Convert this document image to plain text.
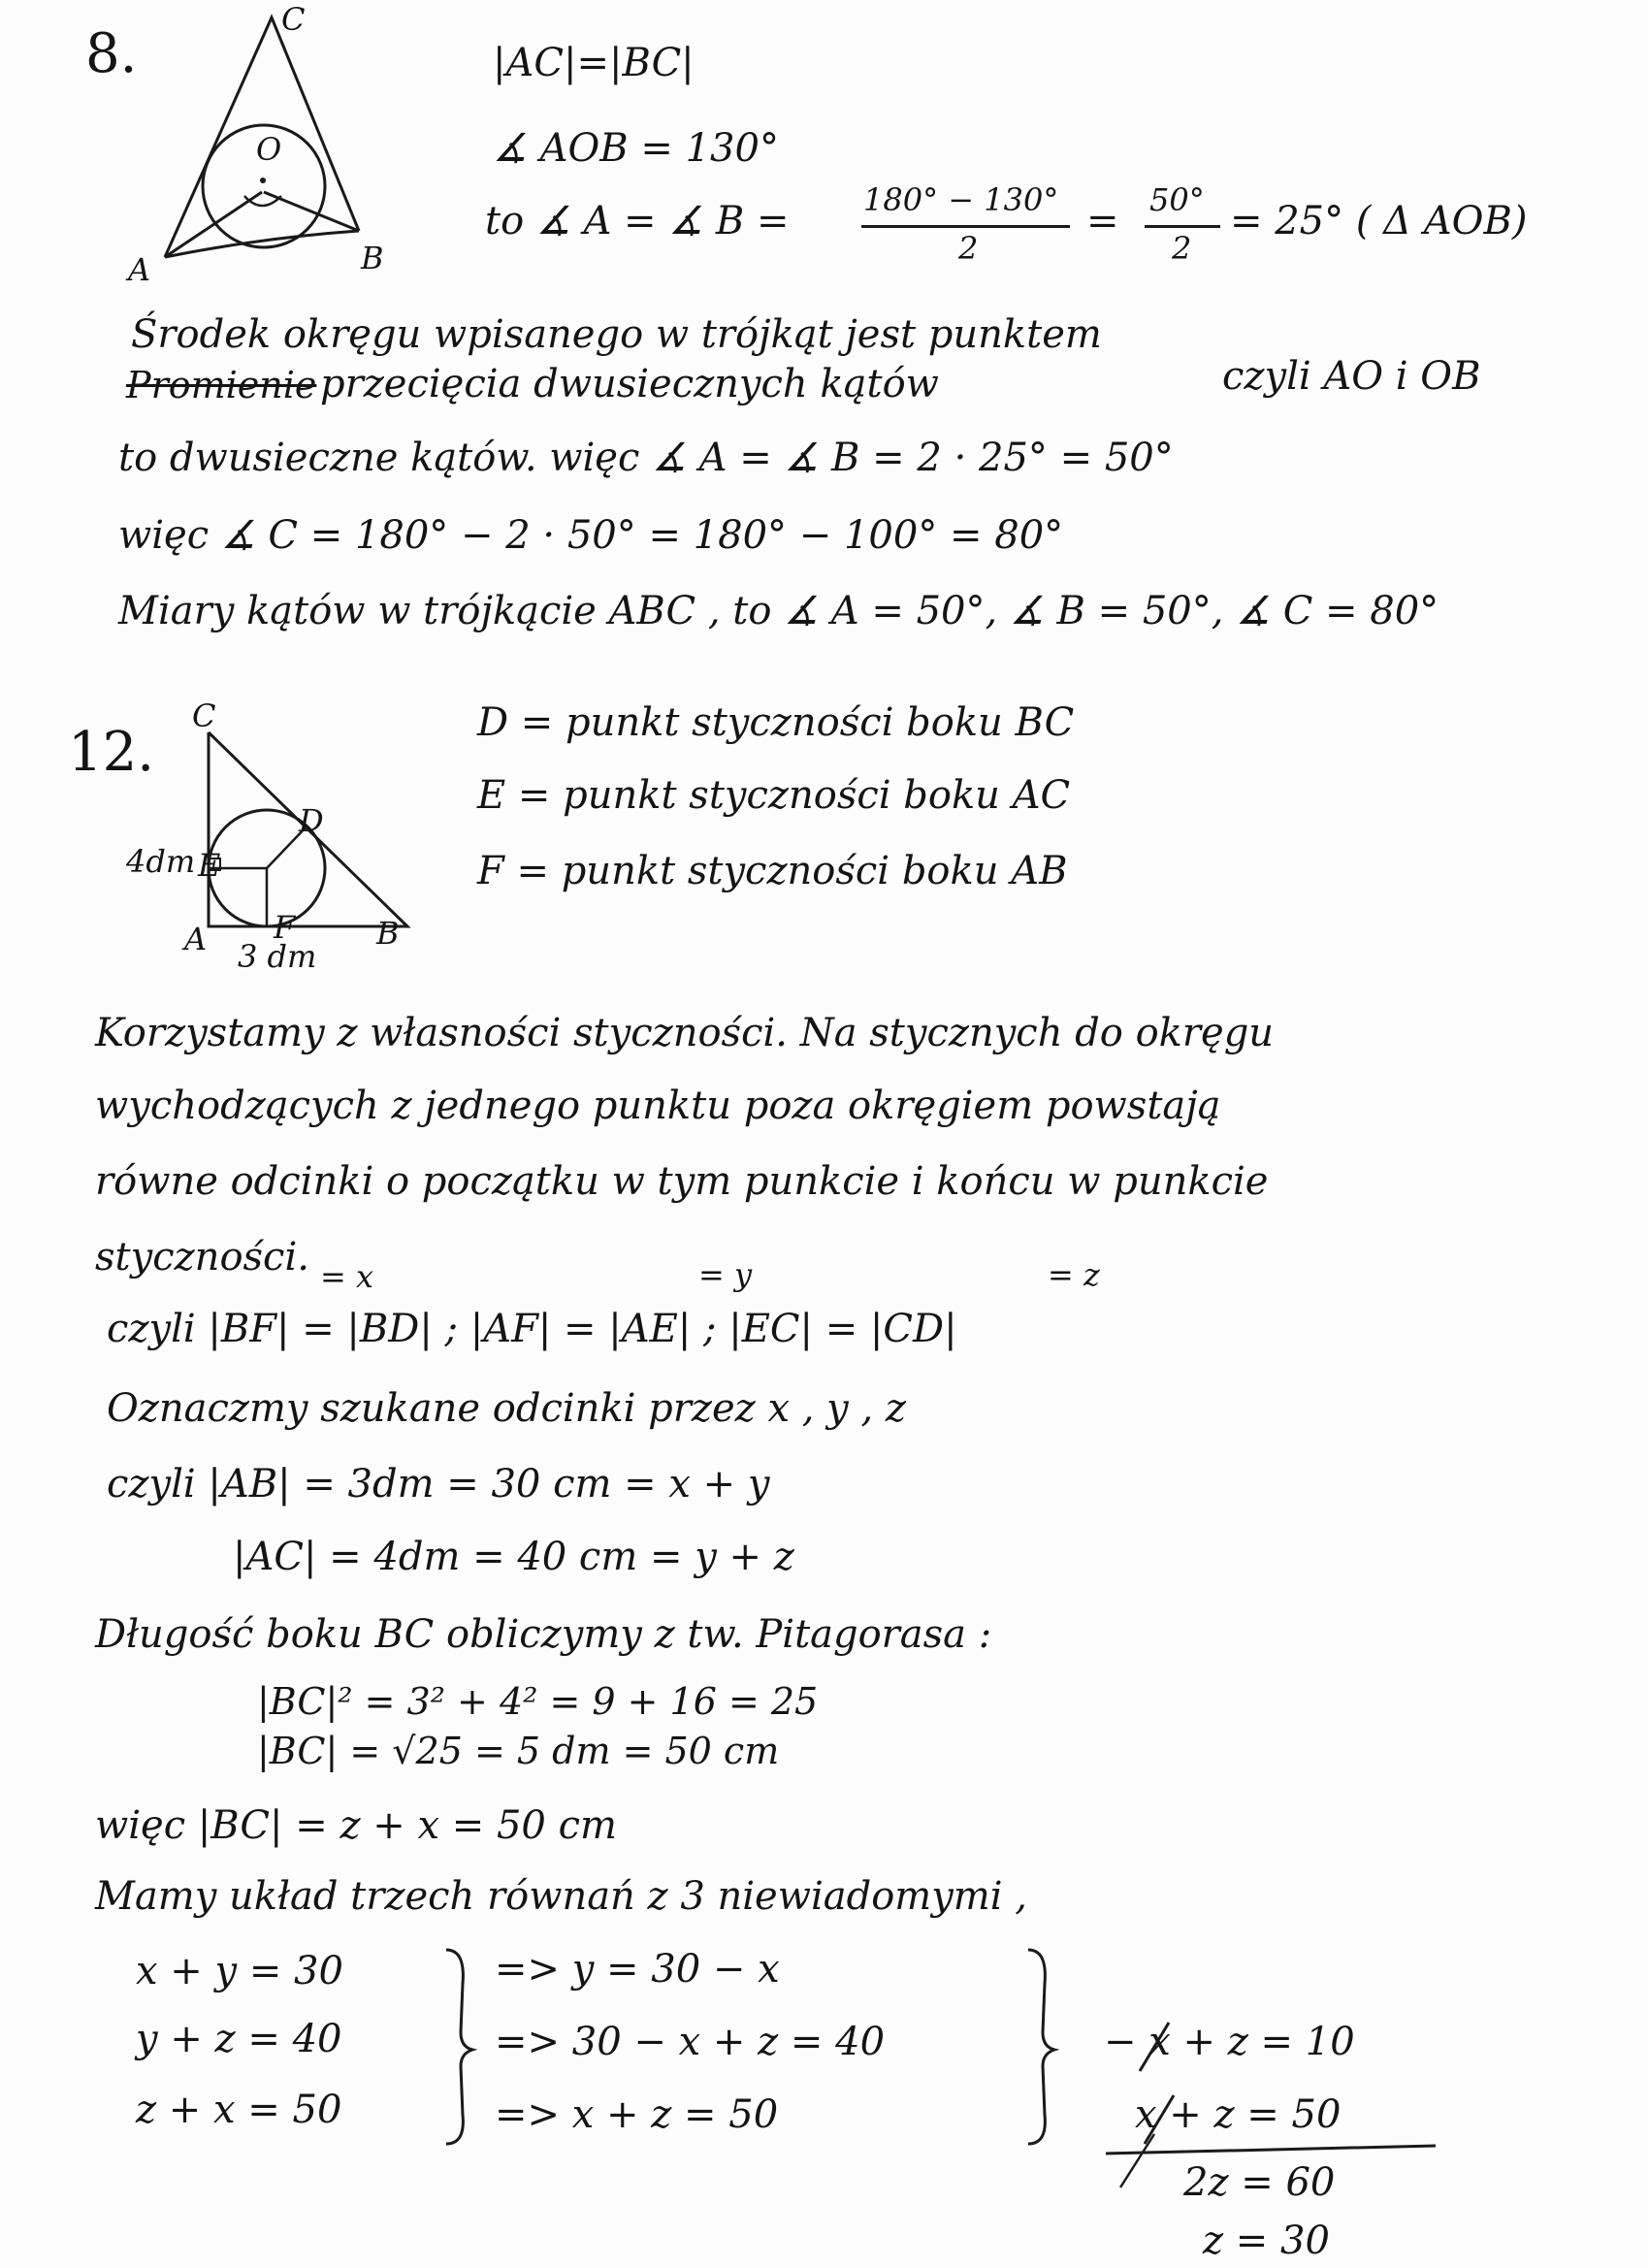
8.
C
O
A	B
|AC|=|BC|
∡ AOB = 130°
to ∡ A = ∡ B = 180° − 130°
2
= 50°
2
= 25° ( Δ AOB)
Środek okręgu wpisanego w trójkąt jest punktem
Promienie przecięcia dwusiecznych kątów	czyli AO i OB
to dwusieczne kątów. więc ∡ A = ∡ B = 2 · 25° = 50°
więc ∡ C = 180° − 2 · 50° = 180° − 100° = 80°
Miary kątów w trójkącie ABC , to ∡ A = 50°, ∡ B = 50°, ∡ C = 80°
12.
C
D
E
F
A	B
4dm
3 dm
D = punkt styczności boku BC
E = punkt styczności boku AC
F = punkt styczności boku AB
Korzystamy z własności styczności. Na stycznych do okręgu
wychodzących z jednego punktu poza okręgiem powstają
równe odcinki o początku w tym punkcie i końcu w punkcie
styczności. = x	= y	= z
czyli |BF| = |BD| ; |AF| = |AE| ; |EC| = |CD|
Oznaczmy szukane odcinki przez x , y , z
czyli |AB| = 3dm = 30 cm = x + y
|AC| = 4dm = 40 cm = y + z
Długość boku BC obliczymy z tw. Pitagorasa :
|BC|² = 3² + 4² = 9 + 16 = 25
|BC| = √25 = 5 dm = 50 cm
więc |BC| = z + x = 50 cm
Mamy układ trzech równań z 3 niewiadomymi ,
x + y = 30
y + z = 40
z + x = 50
=> y = 30 − x
=> 30 − x + z = 40
=> x + z = 50
− x + z = 10
x + z = 50
2z = 60
z = 30
